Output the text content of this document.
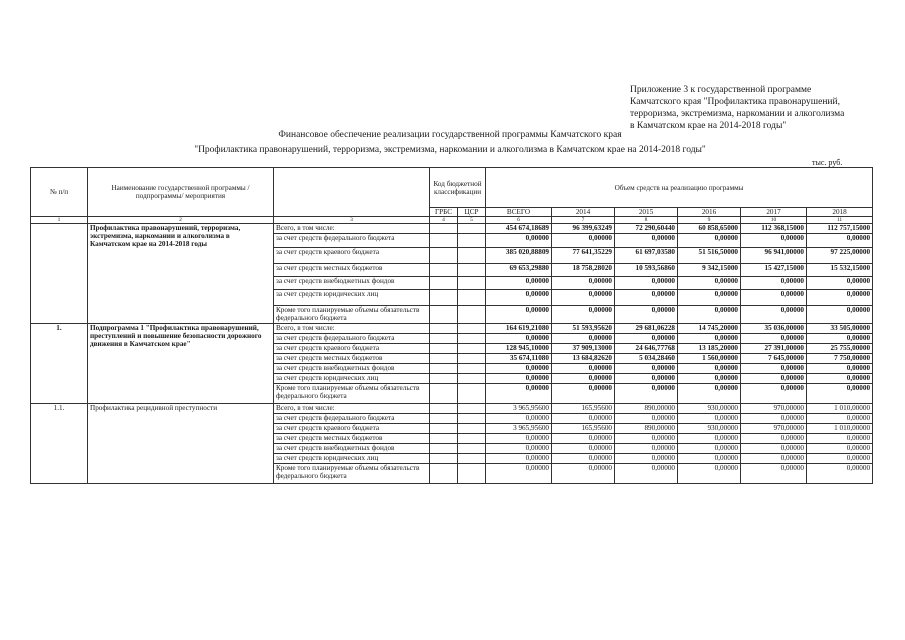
Приложение 3 к государственной программе
Камчатского края "Профилактика правонарушений,
терроризма, экстремизма, наркомании и алкоголизма
в Камчатском крае на 2014-2018 годы"
Финансовое обеспечение реализации государственной программы Камчатского края
"Профилактика правонарушений, терроризма, экстремизма, наркомании и алкоголизма в Камчатском крае на 2014-2018 годы"
тыс. руб.
№ п/п	Наименование государственной программы /подпрограммы/ мероприятия		Код бюджетной классификации		Объем средств на реализацию программы					
			ГРБС	ЦСР	ВСЕГО	2014	2015	2016	2017	2018
1	2	3	4	5	6	7	8	9	10	11
	Профилактика правонарушений, терроризма, экстремизма, наркомании и алкоголизма в Камчатском крае на 2014-2018 годы	Всего, в том числе:			454 674,18689	96 399,63249	72 290,60440	60 858,65000	112 368,15000	112 757,15000
		за счет средств федерального бюджета			0,00000	0,00000	0,00000	0,00000	0,00000	0,00000
		за счет средств краевого бюджета			385 020,88809	77 641,35229	61 697,03580	51 516,50000	96 941,00000	97 225,00000
		за счет средств местных бюджетов			69 653,29880	18 758,28020	10 593,56860	9 342,15000	15 427,15000	15 532,15000
		за счет средств внебюджетных фондов			0,00000	0,00000	0,00000	0,00000	0,00000	0,00000
		за счет средств юридических лиц			0,00000	0,00000	0,00000	0,00000	0,00000	0,00000
		Кроме того планируемые объемы обязательств федерального бюджета			0,00000	0,00000	0,00000	0,00000	0,00000	0,00000
1.	Подпрограмма 1 "Профилактика правонарушений, преступлений и повышение безопасности дорожного движения в Камчатском крае"	Всего, в том числе:			164 619,21080	51 593,95620	29 681,06228	14 745,20000	35 036,00000	33 505,00000
		за счет средств федерального бюджета			0,00000	0,00000	0,00000	0,00000	0,00000	0,00000
		за счет средств краевого бюджета			128 945,10000	37 909,13000	24 646,77768	13 185,20000	27 391,00000	25 755,00000
		за счет средств местных бюджетов			35 674,11080	13 684,82620	5 034,28460	1 560,00000	7 645,00000	7 750,00000
		за счет средств внебюджетных фондов			0,00000	0,00000	0,00000	0,00000	0,00000	0,00000
		за счет средств юридических лиц			0,00000	0,00000	0,00000	0,00000	0,00000	0,00000
		Кроме того планируемые объемы обязательств федерального бюджета			0,00000	0,00000	0,00000	0,00000	0,00000	0,00000
1.1.	Профилактика рецидивной преступности	Всего, в том числе:			3 965,95600	165,95600	890,00000	930,00000	970,00000	1 010,00000
		за счет средств федерального бюджета			0,00000	0,00000	0,00000	0,00000	0,00000	0,00000
		за счет средств краевого бюджета			3 965,95600	165,95600	890,00000	930,00000	970,00000	1 010,00000
		за счет средств местных бюджетов			0,00000	0,00000	0,00000	0,00000	0,00000	0,00000
		за счет средств внебюджетных фондов			0,00000	0,00000	0,00000	0,00000	0,00000	0,00000
		за счет средств юридических лиц			0,00000	0,00000	0,00000	0,00000	0,00000	0,00000
		Кроме того планируемые объемы обязательств федерального бюджета			0,00000	0,00000	0,00000	0,00000	0,00000	0,00000
